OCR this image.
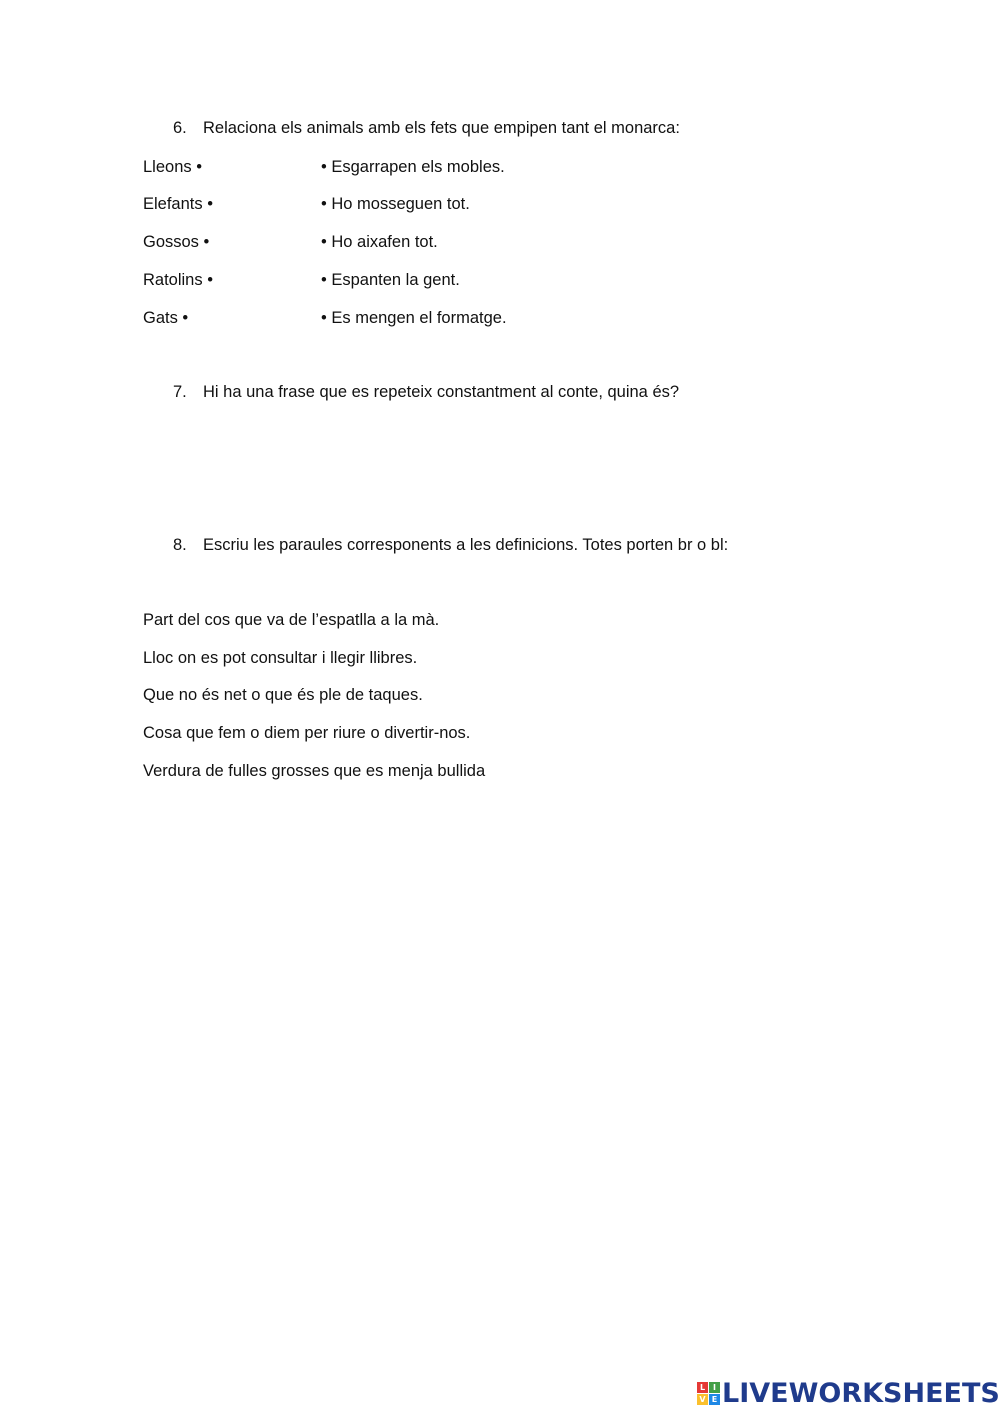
6. Relaciona els animals amb els fets que empipen tant el monarca:
Lleons •	• Esgarrapen els mobles.
Elefants •	• Ho mosseguen tot.
Gossos •	• Ho aixafen tot.
Ratolins •	• Espanten la gent.
Gats •	• Es mengen el formatge.
7. Hi ha una frase que es repeteix constantment al conte, quina és?
8. Escriu les paraules corresponents a les definicions. Totes porten br o bl:
Part del cos que va de l’espatlla a la mà.
Lloc on es pot consultar i llegir llibres.
Que no és net o que és ple de taques.
Cosa que fem o diem per riure o divertir-nos.
Verdura de fulles grosses que es menja bullida
L I
V E LIVEWORKSHEETS
